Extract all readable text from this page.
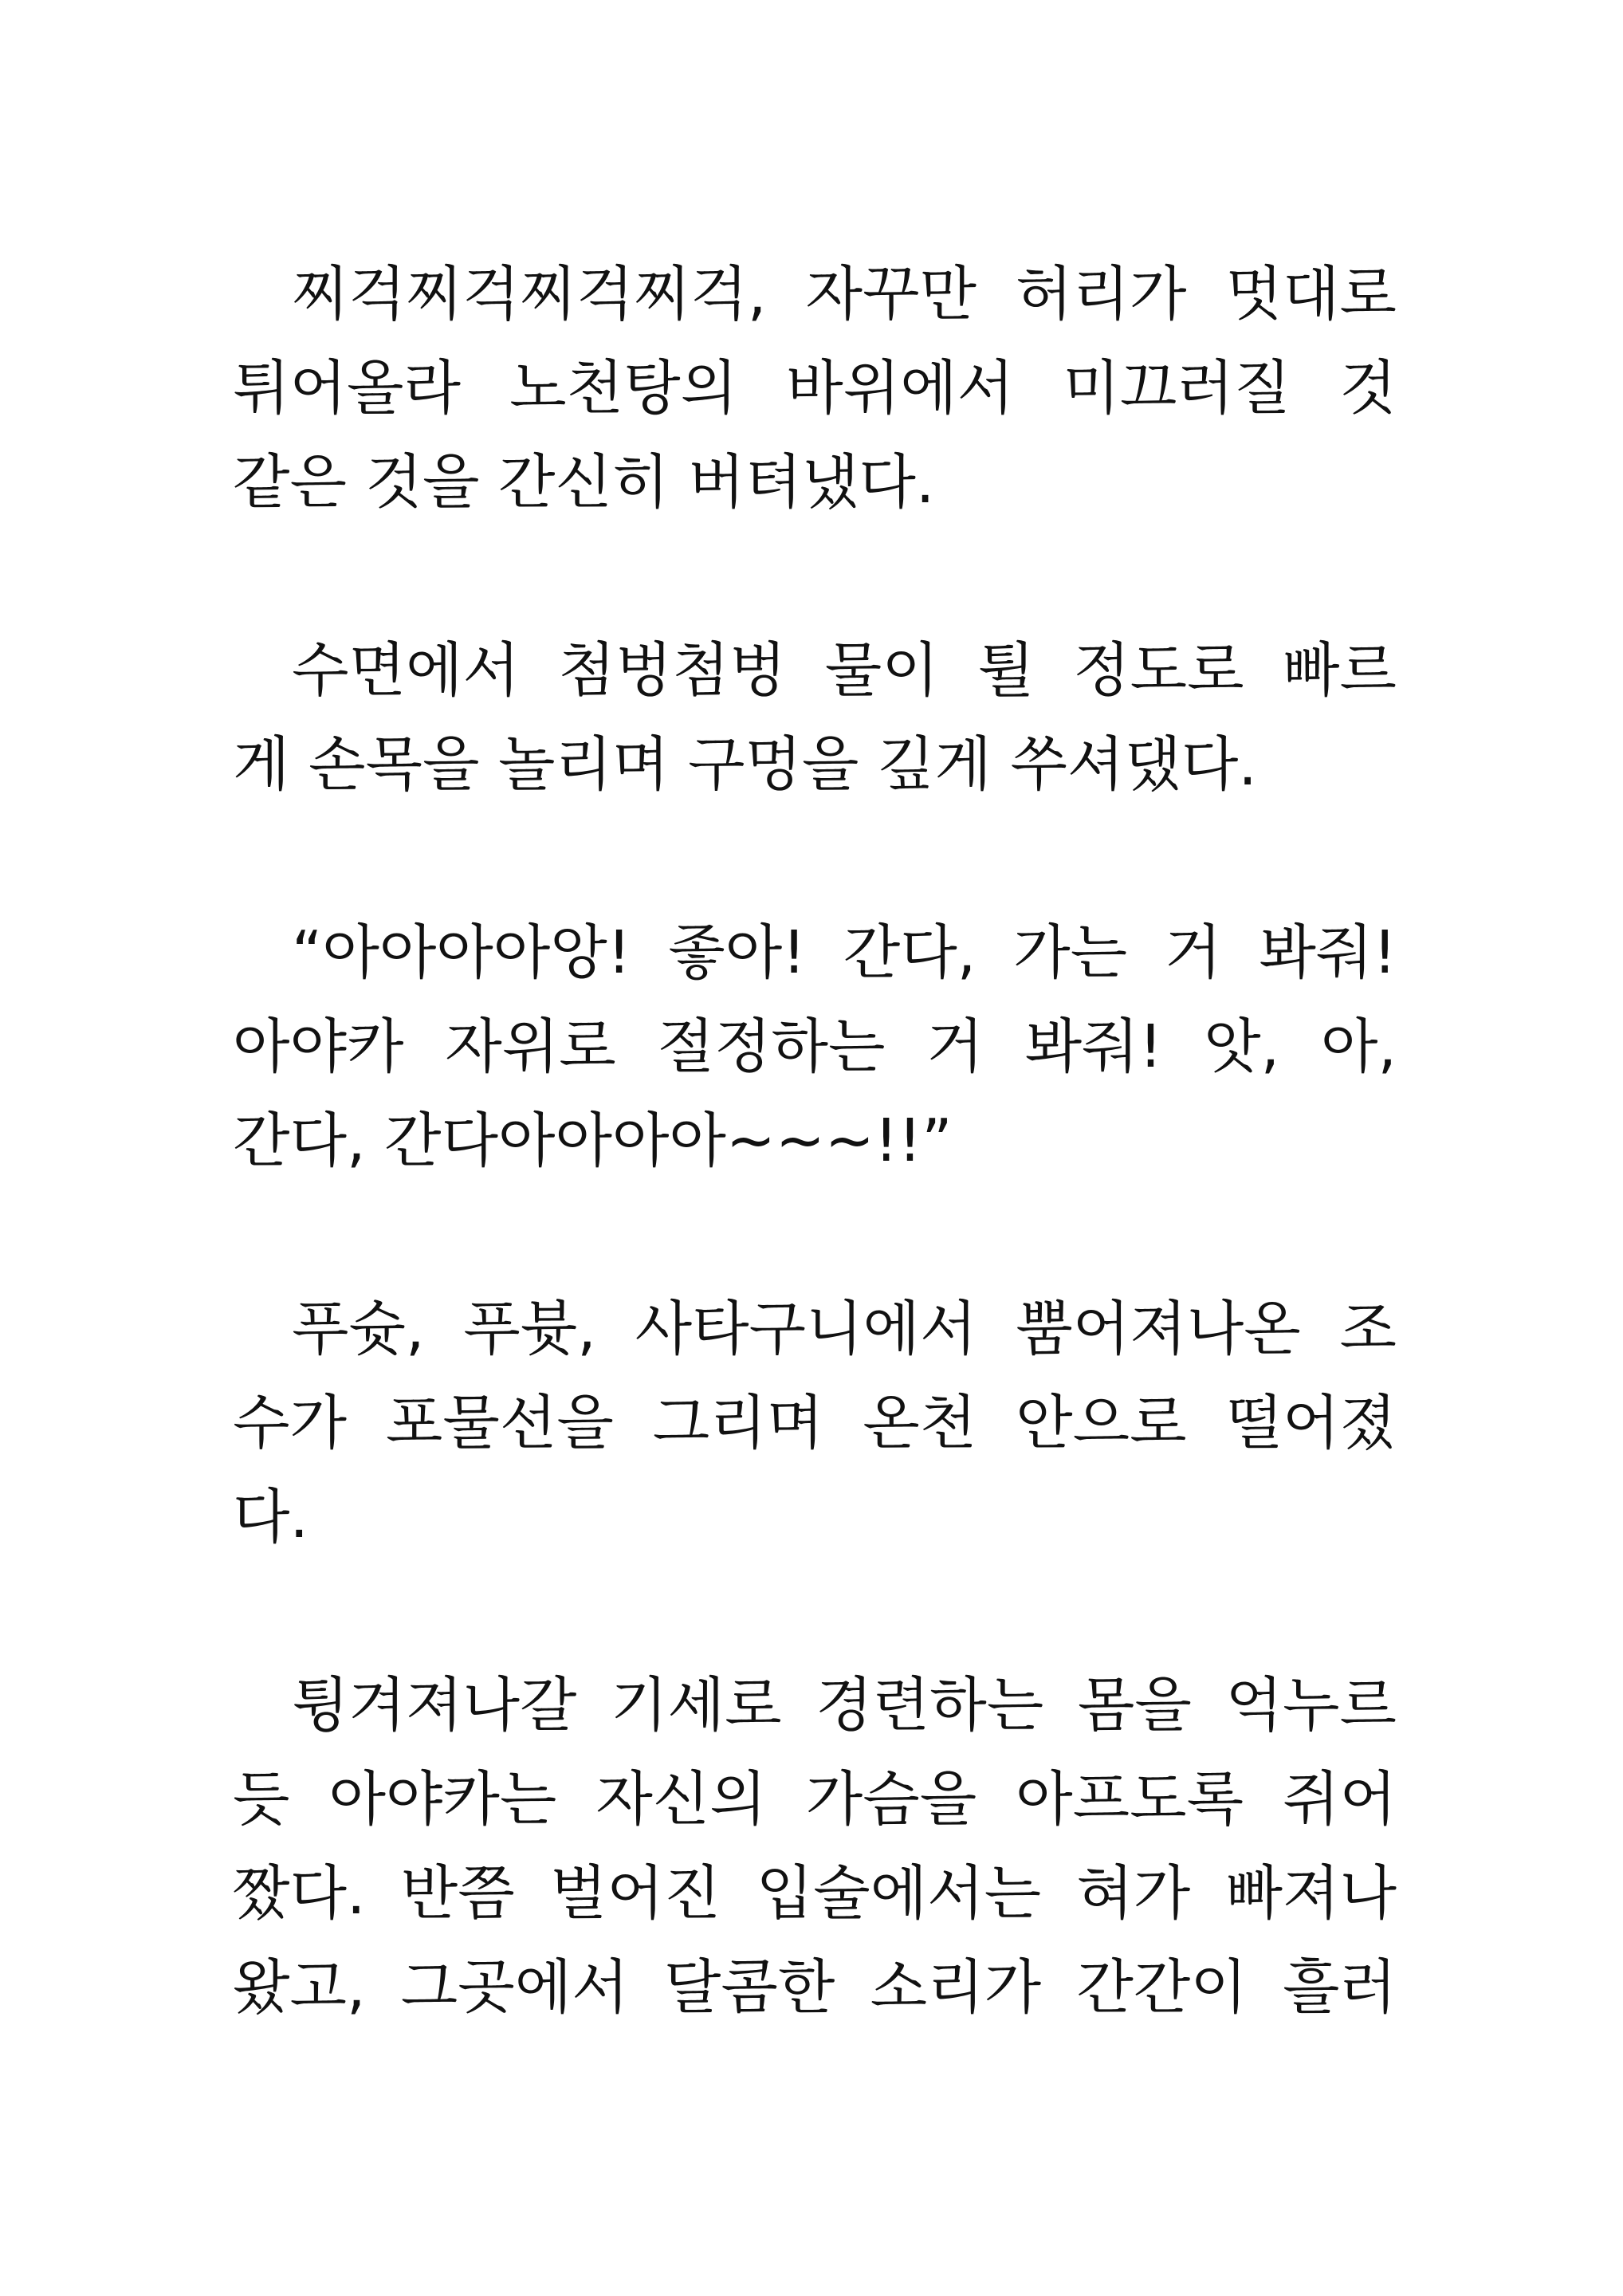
찌걱찌걱찌걱찌걱, 자꾸만 허리가 멋대로
튀어올라 노천탕의 바위에서 미끄러질 것
같은 것을 간신히 버텨냈다.

수면에서 첨벙첨벙 물이 튈 정도로 빠르
게 손목을 놀리며 구멍을 깊게 쑤셔댔다.

“아아아아앙! 좋아! 간다, 가는 거 봐줘!
아야카 자위로 절정하는 거 봐줘! 앗, 아,
간다, 간다아아아아~~~!!”

푸슛, 푸븃, 사타구니에서 뿜어져나온 조
수가 포물선을 그리며 온천 안으로 떨어졌
다.

튕겨져나갈 기세로 경련하는 몸을 억누르
듯 아야카는 자신의 가슴을 아프도록 쥐어
짰다. 반쯤 벌어진 입술에서는 혀가 빠져나
왔고, 그곳에서 달콤한 소리가 간간이 흘러
